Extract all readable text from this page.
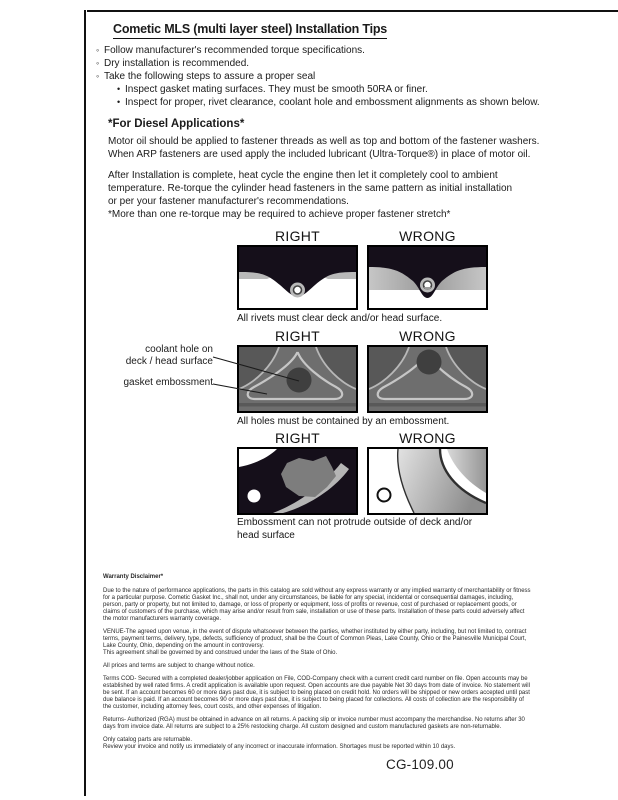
Cometic MLS (multi layer steel) Installation Tips
◦ Follow manufacturer's recommended torque specifications.
◦ Dry installation is recommended.
◦ Take the following steps to assure a proper seal
• Inspect gasket mating surfaces. They must be smooth 50RA or finer.
• Inspect for proper, rivet clearance, coolant hole and embossment alignments as shown below.
*For Diesel Applications*
Motor oil should be applied to fastener threads as well as top and bottom of the fastener washers.
When ARP fasteners are used apply the included lubricant (Ultra-Torque®) in place of motor oil.
After Installation is complete, heat cycle the engine then let it completely cool to ambient
temperature. Re-torque the cylinder head fasteners in the same pattern as initial installation
or per your fastener manufacturer's recommendations.
*More than one re-torque may be required to achieve proper fastener stretch*
RIGHT	WRONG
All rivets must clear deck and/or head surface.
RIGHT	WRONG
coolant hole on
deck / head surface
gasket embossment
All holes must be contained by an embossment.
RIGHT	WRONG
Embossment can not protrude outside of deck and/or head surface
Warranty Disclaimer*
Due to the nature of performance applications, the parts in this catalog are sold without any express warranty or any implied warranty of merchantability or fitness for a particular purpose. Cometic Gasket Inc., shall not, under any circumstances, be liable for any special, incidental or consequential damages, including, person, party or property, but not limited to, damage, or loss of property or equipment, loss of profits or revenue, cost of purchased or replacement goods, or claims of customers of the purchase, which may arise and/or result from sale, installation or use of these parts. Installation of these parts could adversely affect the motor manufacturers warranty coverage.
VENUE-The agreed upon venue, in the event of dispute whatsoever between the parties, whether instituted by either party, including, but not limited to, contract terms, payment terms, delivery, type, defects, sufficiency of product, shall be the Court of Common Pleas, Lake County, Ohio or the Painesville Municipal Court, Lake County, Ohio, depending on the amount in controversy.
This agreement shall be governed by and construed under the laws of the State of Ohio.
All prices and terms are subject to change without notice.
Terms COD- Secured with a completed dealer/jobber application on File, COD-Company check with a current credit card number on file. Open accounts may be established by well rated firms. A credit application is available upon request. Open accounts are due payable Net 30 days from date of invoice. No statement will be sent. If an account becomes 60 or more days past due, it is subject to being placed on credit hold. No orders will be shipped or new orders accepted until past due balance is paid. If an account becomes 90 or more days past due, it is subject to being placed for collections. All costs of collection are the responsibility of the customer, including attorney fees, court costs, and other expenses of litigation.
Returns- Authorized (RGA) must be obtained in advance on all returns. A packing slip or invoice number must accompany the merchandise. No returns after 30 days from invoice date. All returns are subject to a 25% restocking charge. All custom designed and custom manufactured gaskets are non-returnable.
Only catalog parts are returnable.
Review your invoice and notify us immediately of any incorrect or inaccurate information. Shortages must be reported within 10 days.
CG-109.00
